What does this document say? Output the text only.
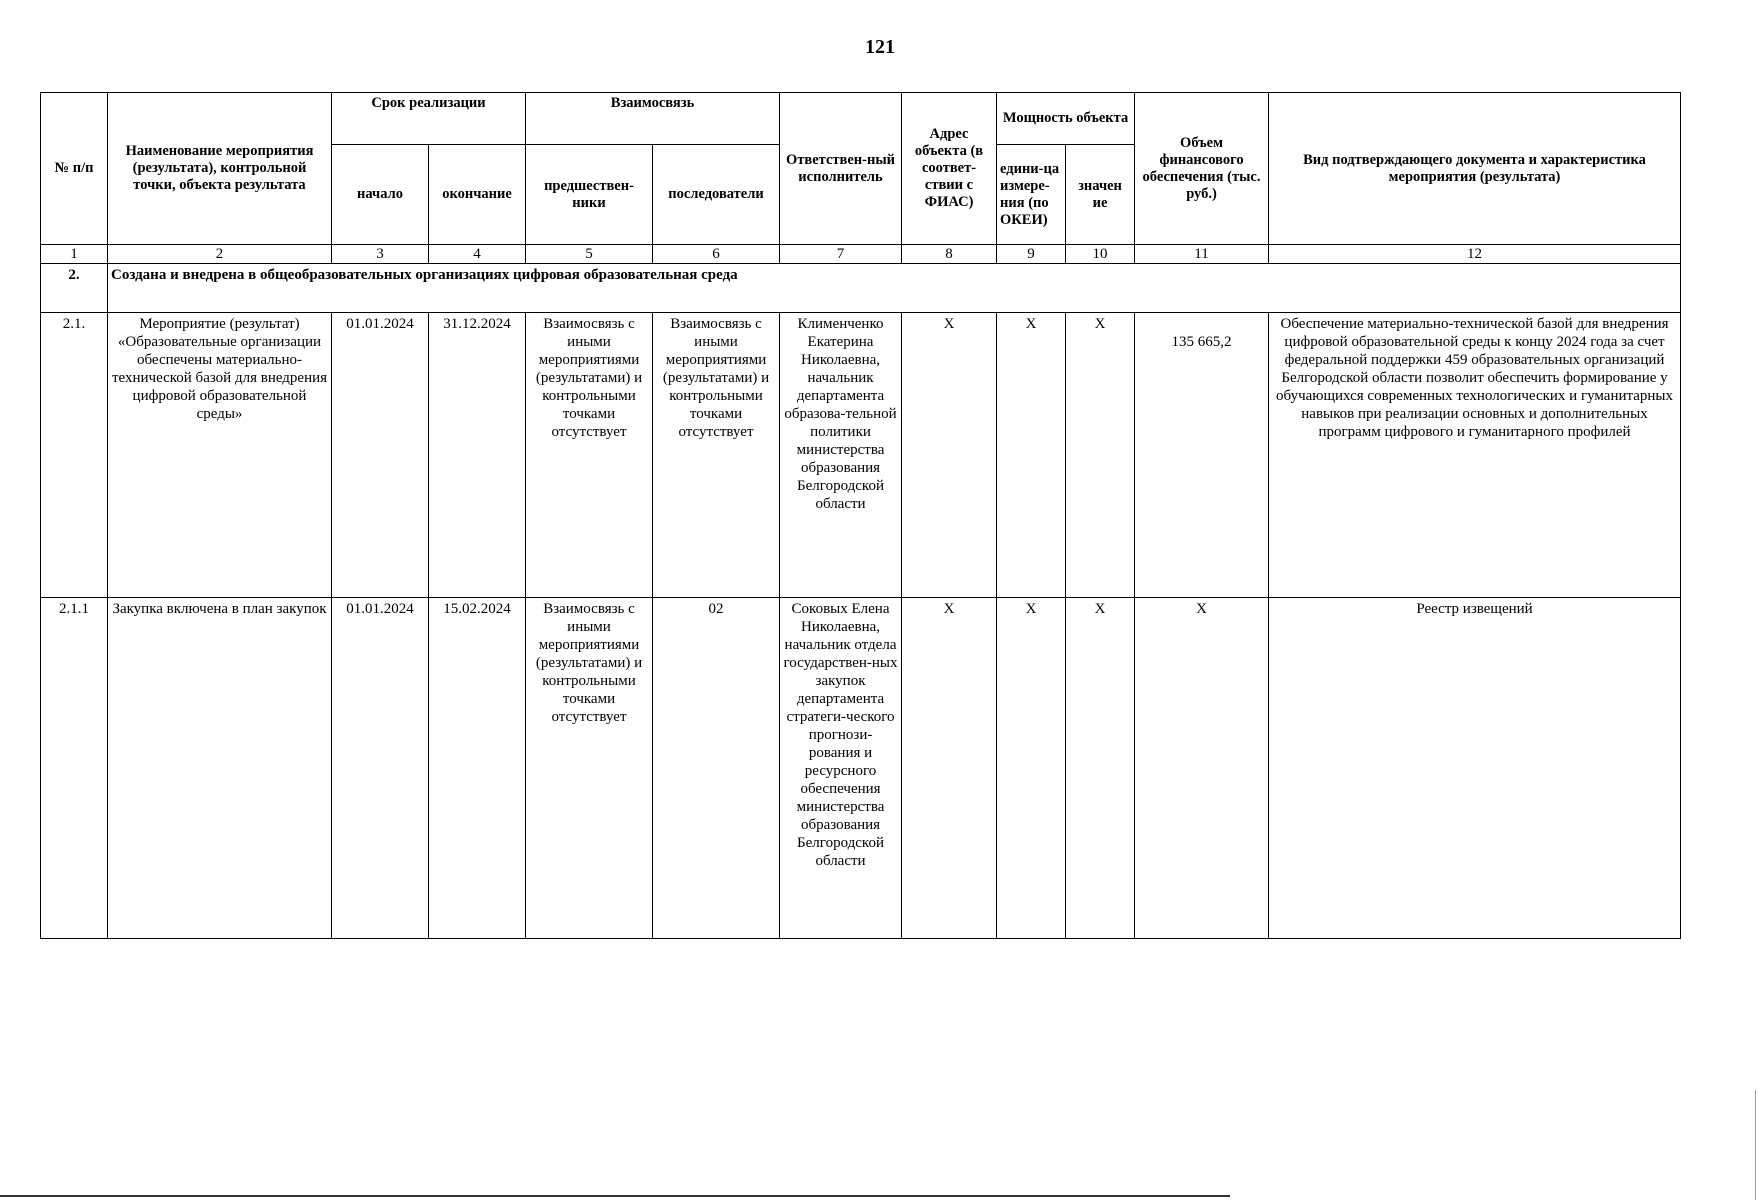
121
№ п/п	Наименование мероприятия (результата), контрольной точки, объекта результата	Срок реализации		Взаимосвязь		Ответствен-ный исполнитель	Адрес объекта (в соответ-ствии с ФИАС)	Мощность объекта		Объем финансового обеспечения (тыс. руб.)	Вид подтверждающего документа и характеристика мероприятия (результата)
		начало	окончание	предшествен-ники	последователи			едини-ца измере-ния (по ОКЕИ)	значен ие		
1	2	3	4	5	6	7	8	9	10	11	12
2.	Создана и внедрена в общеобразовательных организациях цифровая образовательная среда										
2.1.	Мероприятие (результат) «Образовательные организации обеспечены материально-технической базой для внедрения цифровой образовательной среды»	01.01.2024	31.12.2024	Взаимосвязь с иными мероприятиями (результатами) и контрольными точками отсутствует	Взаимосвязь с иными мероприятиями (результатами) и контрольными точками отсутствует	Клименченко Екатерина Николаевна, начальник департамента образова-тельной политики министерства образования Белгородской области	X	X	X	135 665,2	Обеспечение материально-технической базой для внедрения цифровой образовательной среды к концу 2024 года за счет федеральной поддержки 459 образовательных организаций Белгородской области позволит обеспечить формирование у обучающихся современных технологических и гуманитарных навыков при реализации основных и дополнительных программ цифрового и гуманитарного профилей
2.1.1	Закупка включена в план закупок	01.01.2024	15.02.2024	Взаимосвязь с иными мероприятиями (результатами) и контрольными точками отсутствует	02	Соковых Елена Николаевна, начальник отдела государствен-ных закупок департамента стратеги-ческого прогнози-рования и ресурсного обеспечения министерства образования Белгородской области	X	X	X	X	Реестр извещений
